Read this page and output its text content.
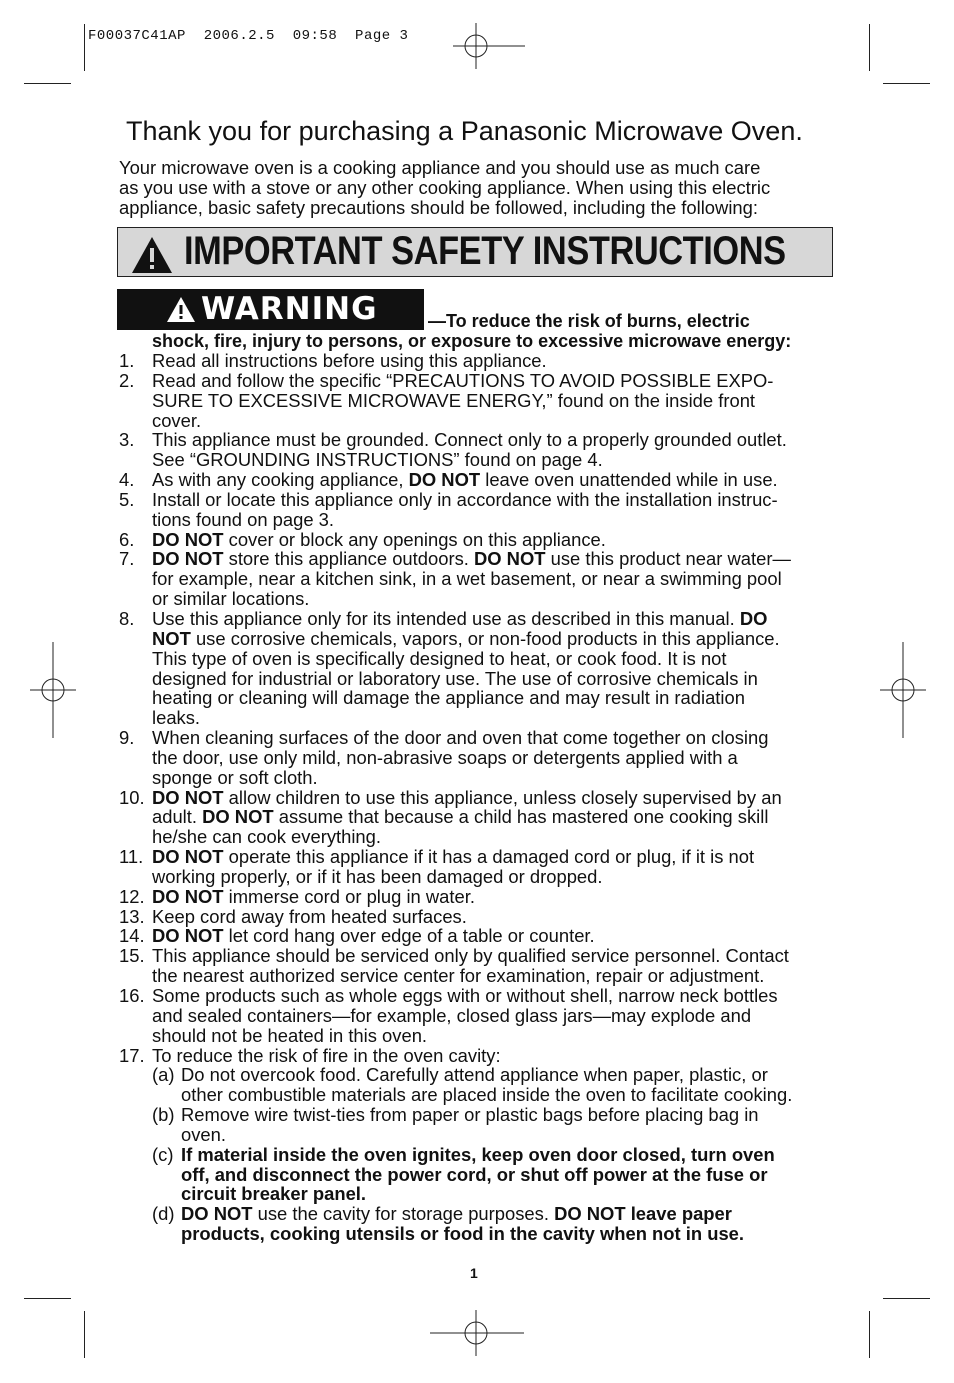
F00037C41AP  2006.2.5  09:58  Page 3
Thank you for purchasing a Panasonic Microwave Oven.
Your microwave oven is a cooking appliance and you should use as much care
as you use with a stove or any other cooking appliance. When using this electric
appliance, basic safety precautions should be followed, including the following:
IMPORTANT SAFETY INSTRUCTIONS
WARNING	—To reduce the risk of burns, electric
shock, fire, injury to persons, or exposure to excessive microwave energy:
1. Read all instructions before using this appliance.
2. Read and follow the specific “PRECAUTIONS TO AVOID POSSIBLE EXPO-
SURE TO EXCESSIVE MICROWAVE ENERGY,” found on the inside front
cover.
3. This appliance must be grounded. Connect only to a properly grounded outlet.
See “GROUNDING INSTRUCTIONS” found on page 4.
4. As with any cooking appliance, DO NOT leave oven unattended while in use.
5. Install or locate this appliance only in accordance with the installation instruc-
tions found on page 3.
6. DO NOT cover or block any openings on this appliance.
7. DO NOT store this appliance outdoors. DO NOT use this product near water—
for example, near a kitchen sink, in a wet basement, or near a swimming pool
or similar locations.
8. Use this appliance only for its intended use as described in this manual. DO
NOT use corrosive chemicals, vapors, or non-food products in this appliance.
This type of oven is specifically designed to heat, or cook food. It is not
designed for industrial or laboratory use. The use of corrosive chemicals in
heating or cleaning will damage the appliance and may result in radiation
leaks.
9. When cleaning surfaces of the door and oven that come together on closing
the door, use only mild, non-abrasive soaps or detergents applied with a
sponge or soft cloth.
10. DO NOT allow children to use this appliance, unless closely supervised by an
adult. DO NOT assume that because a child has mastered one cooking skill
he/she can cook everything.
11. DO NOT operate this appliance if it has a damaged cord or plug, if it is not
working properly, or if it has been damaged or dropped.
12. DO NOT immerse cord or plug in water.
13. Keep cord away from heated surfaces.
14. DO NOT let cord hang over edge of a table or counter.
15. This appliance should be serviced only by qualified service personnel. Contact
the nearest authorized service center for examination, repair or adjustment.
16. Some products such as whole eggs with or without shell, narrow neck bottles
and sealed containers—for example, closed glass jars—may explode and
should not be heated in this oven.
17. To reduce the risk of fire in the oven cavity:
(a) Do not overcook food. Carefully attend appliance when paper, plastic, or
other combustible materials are placed inside the oven to facilitate cooking.
(b) Remove wire twist-ties from paper or plastic bags before placing bag in
oven.
(c) If material inside the oven ignites, keep oven door closed, turn oven
off, and disconnect the power cord, or shut off power at the fuse or
circuit breaker panel.
(d) DO NOT use the cavity for storage purposes. DO NOT leave paper
products, cooking utensils or food in the cavity when not in use.
1
